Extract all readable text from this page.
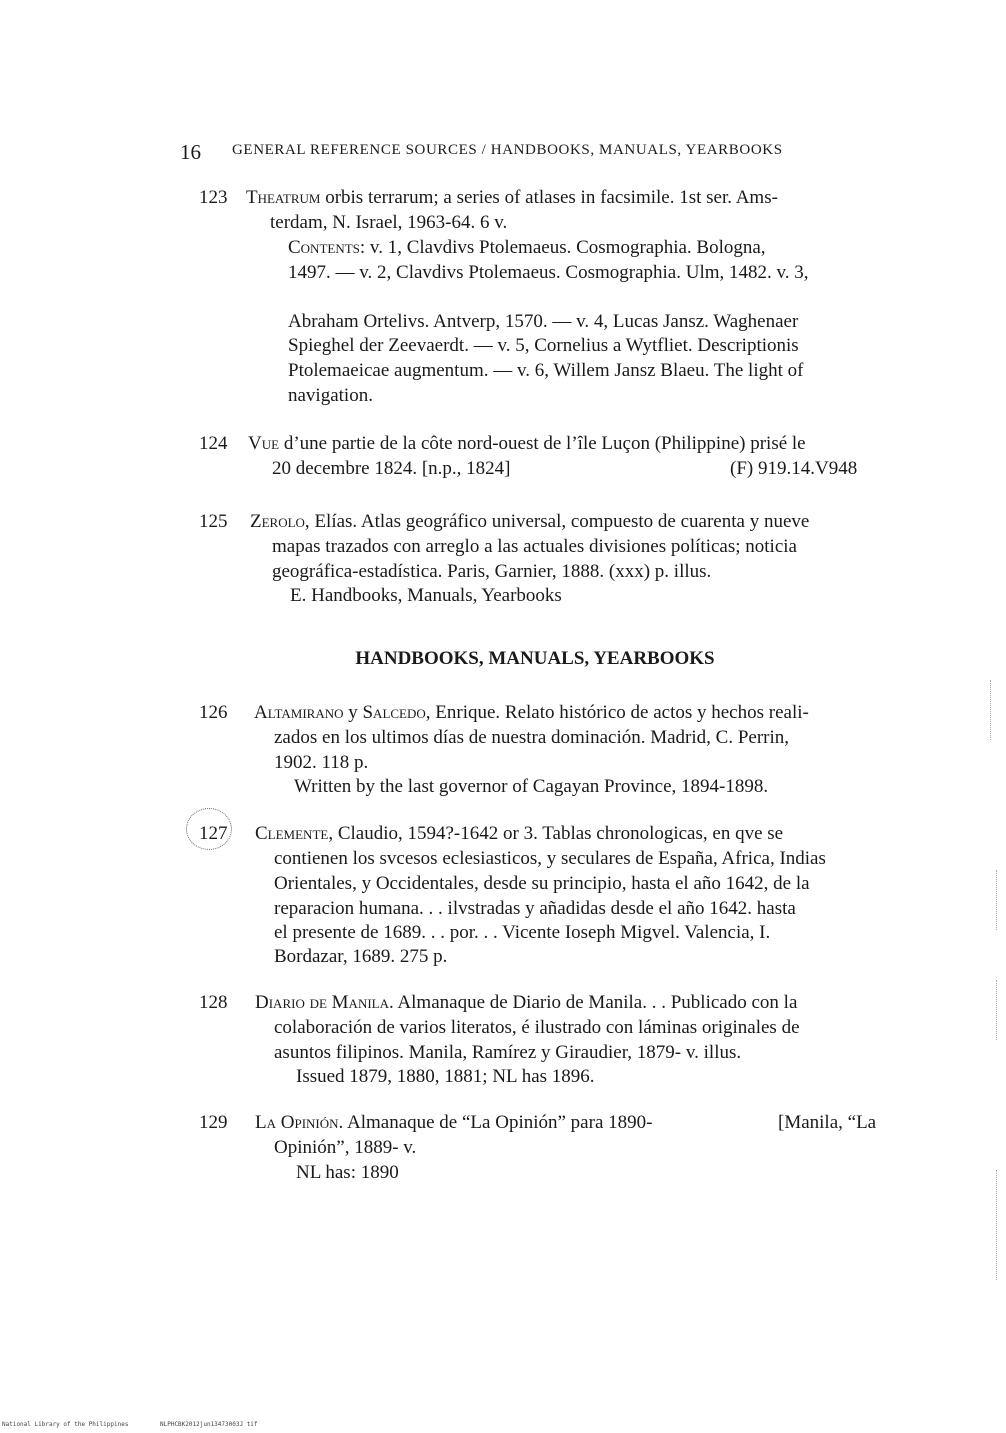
16 GENERAL REFERENCE SOURCES / HANDBOOKS, MANUALS, YEARBOOKS
123 Theatrum orbis terrarum; a series of atlases in facsimile. 1st ser. Ams-
terdam, N. Israel, 1963-64. 6 v.
Contents: v. 1, Clavdivs Ptolemaeus. Cosmographia. Bologna,
1497. — v. 2, Clavdivs Ptolemaeus. Cosmographia. Ulm, 1482. v. 3,
Abraham Ortelivs. Antverp, 1570. — v. 4, Lucas Jansz. Waghenaer
Spieghel der Zeevaerdt. — v. 5, Cornelius a Wytfliet. Descriptionis
Ptolemaeicae augmentum. — v. 6, Willem Jansz Blaeu. The light of
navigation.
124 Vue d’une partie de la côte nord-ouest de l’île Luçon (Philippine) prisé le
20 decembre 1824. [n.p., 1824]	(F) 919.14.V948
125 Zerolo, Elías. Atlas geográfico universal, compuesto de cuarenta y nueve
mapas trazados con arreglo a las actuales divisiones políticas; noticia
geográfica-estadística. Paris, Garnier, 1888. (xxx) p. illus.
E. Handbooks, Manuals, Yearbooks
HANDBOOKS, MANUALS, YEARBOOKS
126 Altamirano y Salcedo, Enrique. Relato histórico de actos y hechos reali-
zados en los ultimos días de nuestra dominación. Madrid, C. Perrin,
1902. 118 p.
Written by the last governor of Cagayan Province, 1894-1898.
127 Clemente, Claudio, 1594?-1642 or 3. Tablas chronologicas, en qve se
contienen los svcesos eclesiasticos, y seculares de España, Africa, Indias
Orientales, y Occidentales, desde su principio, hasta el año 1642, de la
reparacion humana. . . ilvstradas y añadidas desde el año 1642. hasta
el presente de 1689. . . por. . . Vicente Ioseph Migvel. Valencia, I.
Bordazar, 1689. 275 p.
128 Diario de Manila. Almanaque de Diario de Manila. . . Publicado con la
colaboración de varios literatos, é ilustrado con láminas originales de
asuntos filipinos. Manila, Ramírez y Giraudier, 1879- v. illus.
Issued 1879, 1880, 1881; NL has 1896.
129 La Opinión. Almanaque de “La Opinión” para 1890-	[Manila, “La
Opinión”, 1889- v.
NL has: 1890
National Library of the Philippines	NLPHCBK2012jun13473003J tif
